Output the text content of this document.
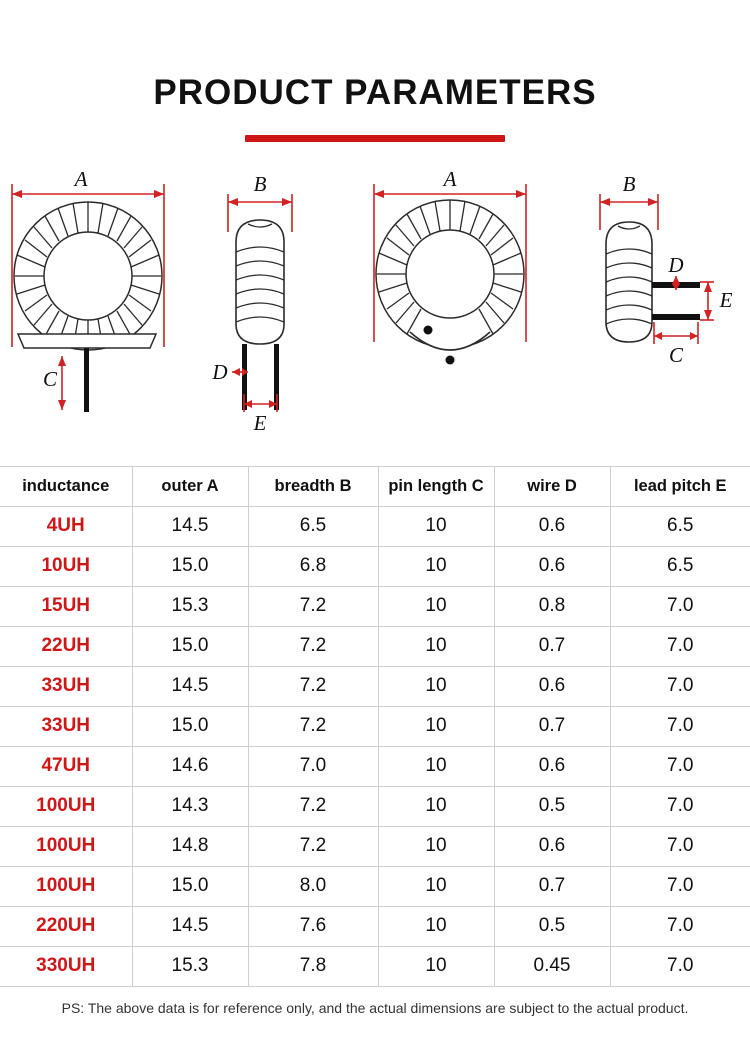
PRODUCT PARAMETERS
A
C
B
D
E
A	B
D
E
C
inductance	outer A	breadth B	pin length C	wire D	lead pitch E
4UH	14.5	6.5	10	0.6	6.5
10UH	15.0	6.8	10	0.6	6.5
15UH	15.3	7.2	10	0.8	7.0
22UH	15.0	7.2	10	0.7	7.0
33UH	14.5	7.2	10	0.6	7.0
33UH	15.0	7.2	10	0.7	7.0
47UH	14.6	7.0	10	0.6	7.0
100UH	14.3	7.2	10	0.5	7.0
100UH	14.8	7.2	10	0.6	7.0
100UH	15.0	8.0	10	0.7	7.0
220UH	14.5	7.6	10	0.5	7.0
330UH	15.3	7.8	10	0.45	7.0
PS: The above data is for reference only, and the actual dimensions are subject to the actual product.
